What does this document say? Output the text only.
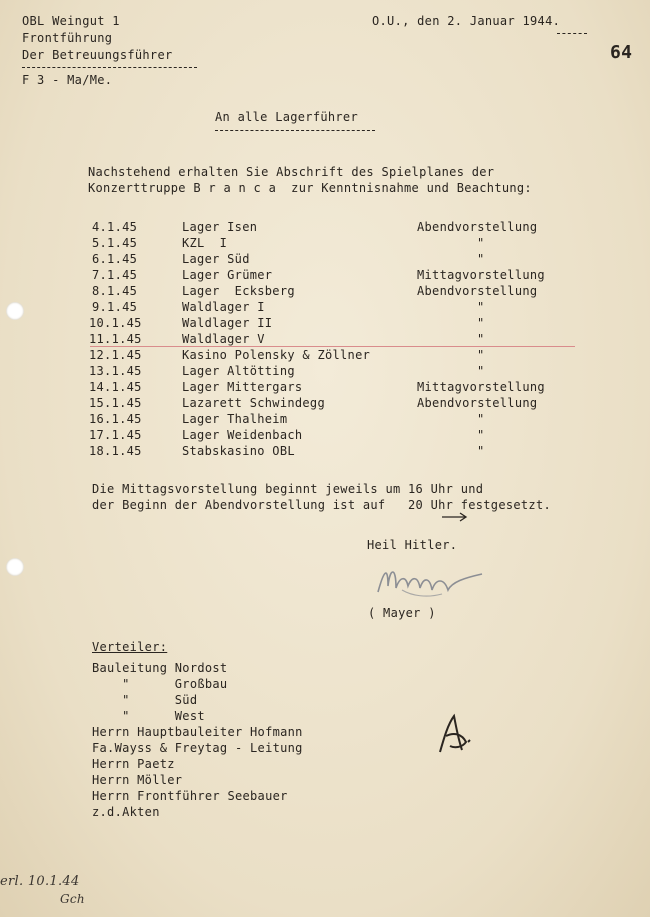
OBL Weingut 1
Frontführung
Der Betreuungsführer
F 3 - Ma/Me.
O.U., den 2. Januar 1944.
64
An alle Lagerführer
Nachstehend erhalten Sie Abschrift des Spielplanes der
Konzerttruppe B r a n c a  zur Kenntnisnahme und Beachtung:
4.1.45	Lager Isen	Abendvorstellung
5.1.45	KZL  I	"
6.1.45	Lager Süd	"
7.1.45	Lager Grümer	Mittagvorstellung
8.1.45	Lager  Ecksberg	Abendvorstellung
9.1.45	Waldlager I	"
10.1.45	Waldlager II	"
11.1.45	Waldlager V	"
12.1.45	Kasino Polensky & Zöllner	"
13.1.45	Lager Altötting	"
14.1.45	Lager Mittergars	Mittagvorstellung
15.1.45	Lazarett Schwindegg	Abendvorstellung
16.1.45	Lager Thalheim	"
17.1.45	Lager Weidenbach	"
18.1.45	Stabskasino OBL	"
Die Mittagsvorstellung beginnt jeweils um 16 Uhr und
der Beginn der Abendvorstellung ist auf   20 Uhr festgesetzt.
Heil Hitler.
( Mayer )
Verteiler:
Bauleitung Nordost
"      Großbau
"      Süd
"      West
Herrn Hauptbauleiter Hofmann
Fa.Wayss & Freytag - Leitung
Herrn Paetz
Herrn Möller
Herrn Frontführer Seebauer
z.d.Akten
erl. 10.1.44
Gch
